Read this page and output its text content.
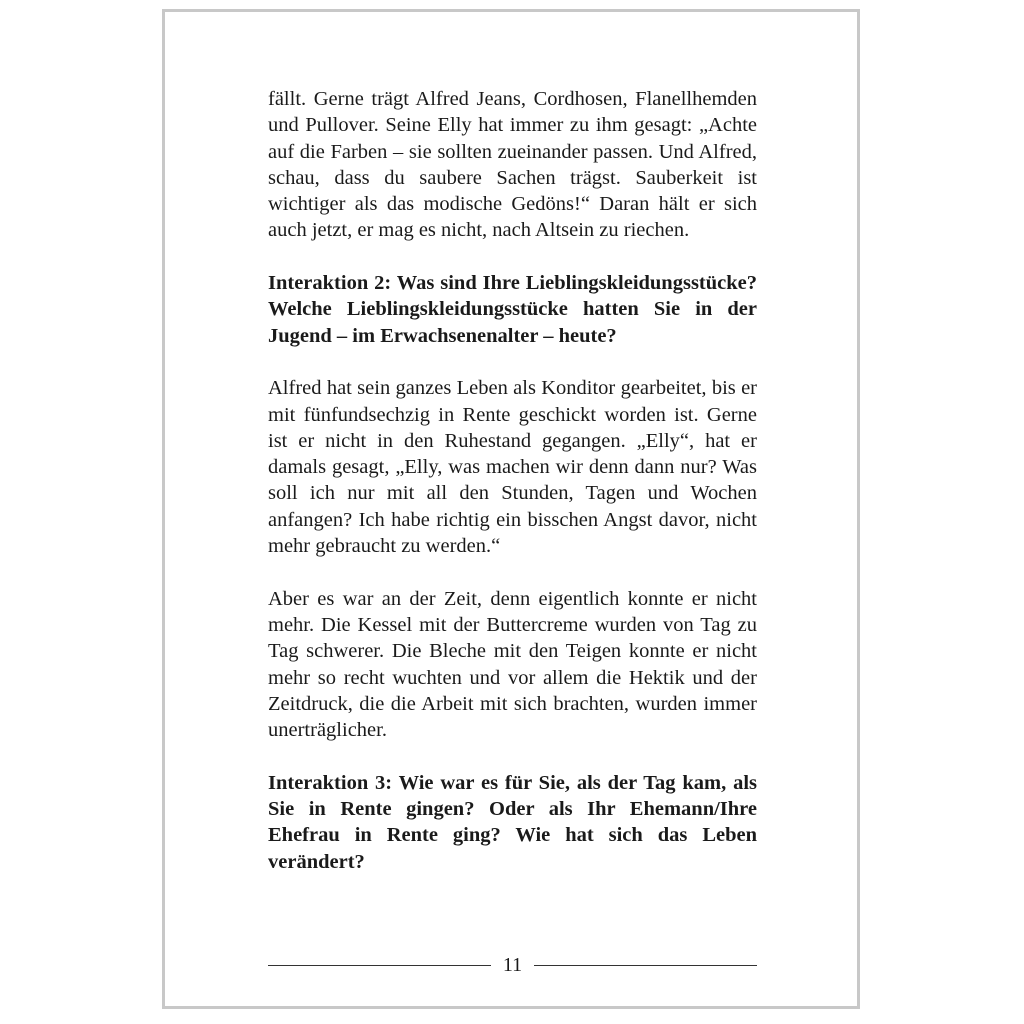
fällt. Gerne trägt Alfred Jeans, Cordhosen, Flanellhemden und Pullover. Seine Elly hat immer zu ihm gesagt: „Achte auf die Farben – sie sollten zueinander passen. Und Alfred, schau, dass du saubere Sachen trägst. Sauberkeit ist wichtiger als das modische Gedöns!“ Daran hält er sich auch jetzt, er mag es nicht, nach Altsein zu riechen.

Interaktion 2: Was sind Ihre Lieblingskleidungsstücke? Welche Lieblingskleidungsstücke hatten Sie in der Jugend – im Erwachsenenalter – heute?

Alfred hat sein ganzes Leben als Konditor gearbeitet, bis er mit fünfundsechzig in Rente geschickt worden ist. Gerne ist er nicht in den Ruhestand gegangen. „Elly“, hat er damals gesagt, „Elly, was machen wir denn dann nur? Was soll ich nur mit all den Stunden, Tagen und Wochen anfangen? Ich habe richtig ein bisschen Angst davor, nicht mehr gebraucht zu werden.“

Aber es war an der Zeit, denn eigentlich konnte er nicht mehr. Die Kessel mit der Buttercreme wurden von Tag zu Tag schwerer. Die Bleche mit den Teigen konnte er nicht mehr so recht wuchten und vor allem die Hektik und der Zeitdruck, die die Arbeit mit sich brachten, wurden immer unerträglicher.

Interaktion 3: Wie war es für Sie, als der Tag kam, als Sie in Rente gingen? Oder als Ihr Ehemann/Ihre Ehefrau in Rente ging? Wie hat sich das Leben verändert?

11
